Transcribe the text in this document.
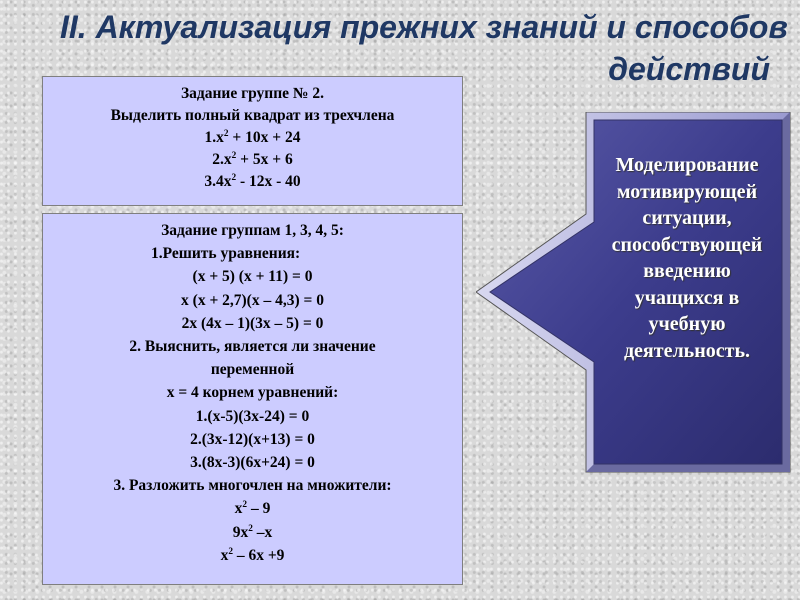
II. Актуализация прежних знаний и способов
действий
Задание группе № 2.
Выделить полный квадрат из трехчлена
$1.x^2 + 10x + 24$
$2.x^2 + 5x + 6$
$3.4x^2 - 12x - 40$
Задание группам 1, 3, 4, 5:
1.Решить уравнения:
(x + 5) (x + 11) = 0
x (x + 2,7)(x – 4,3) = 0
2x (4x – 1)(3x – 5) = 0
2. Выяснить, является ли значение
переменной
x = 4 корнем уравнений:
1.(x-5)(3x-24) = 0
2.(3x-12)(x+13) = 0
3.(8x-3)(6x+24) = 0
3. Разложить многочлен на множители:
$x^2 - 9$
$9x^2$ –x
$x^2 - 6x +9$
Моделирование
мотивирующей
ситуации,
способствующей
введению
учащихся в
учебную
деятельность.
